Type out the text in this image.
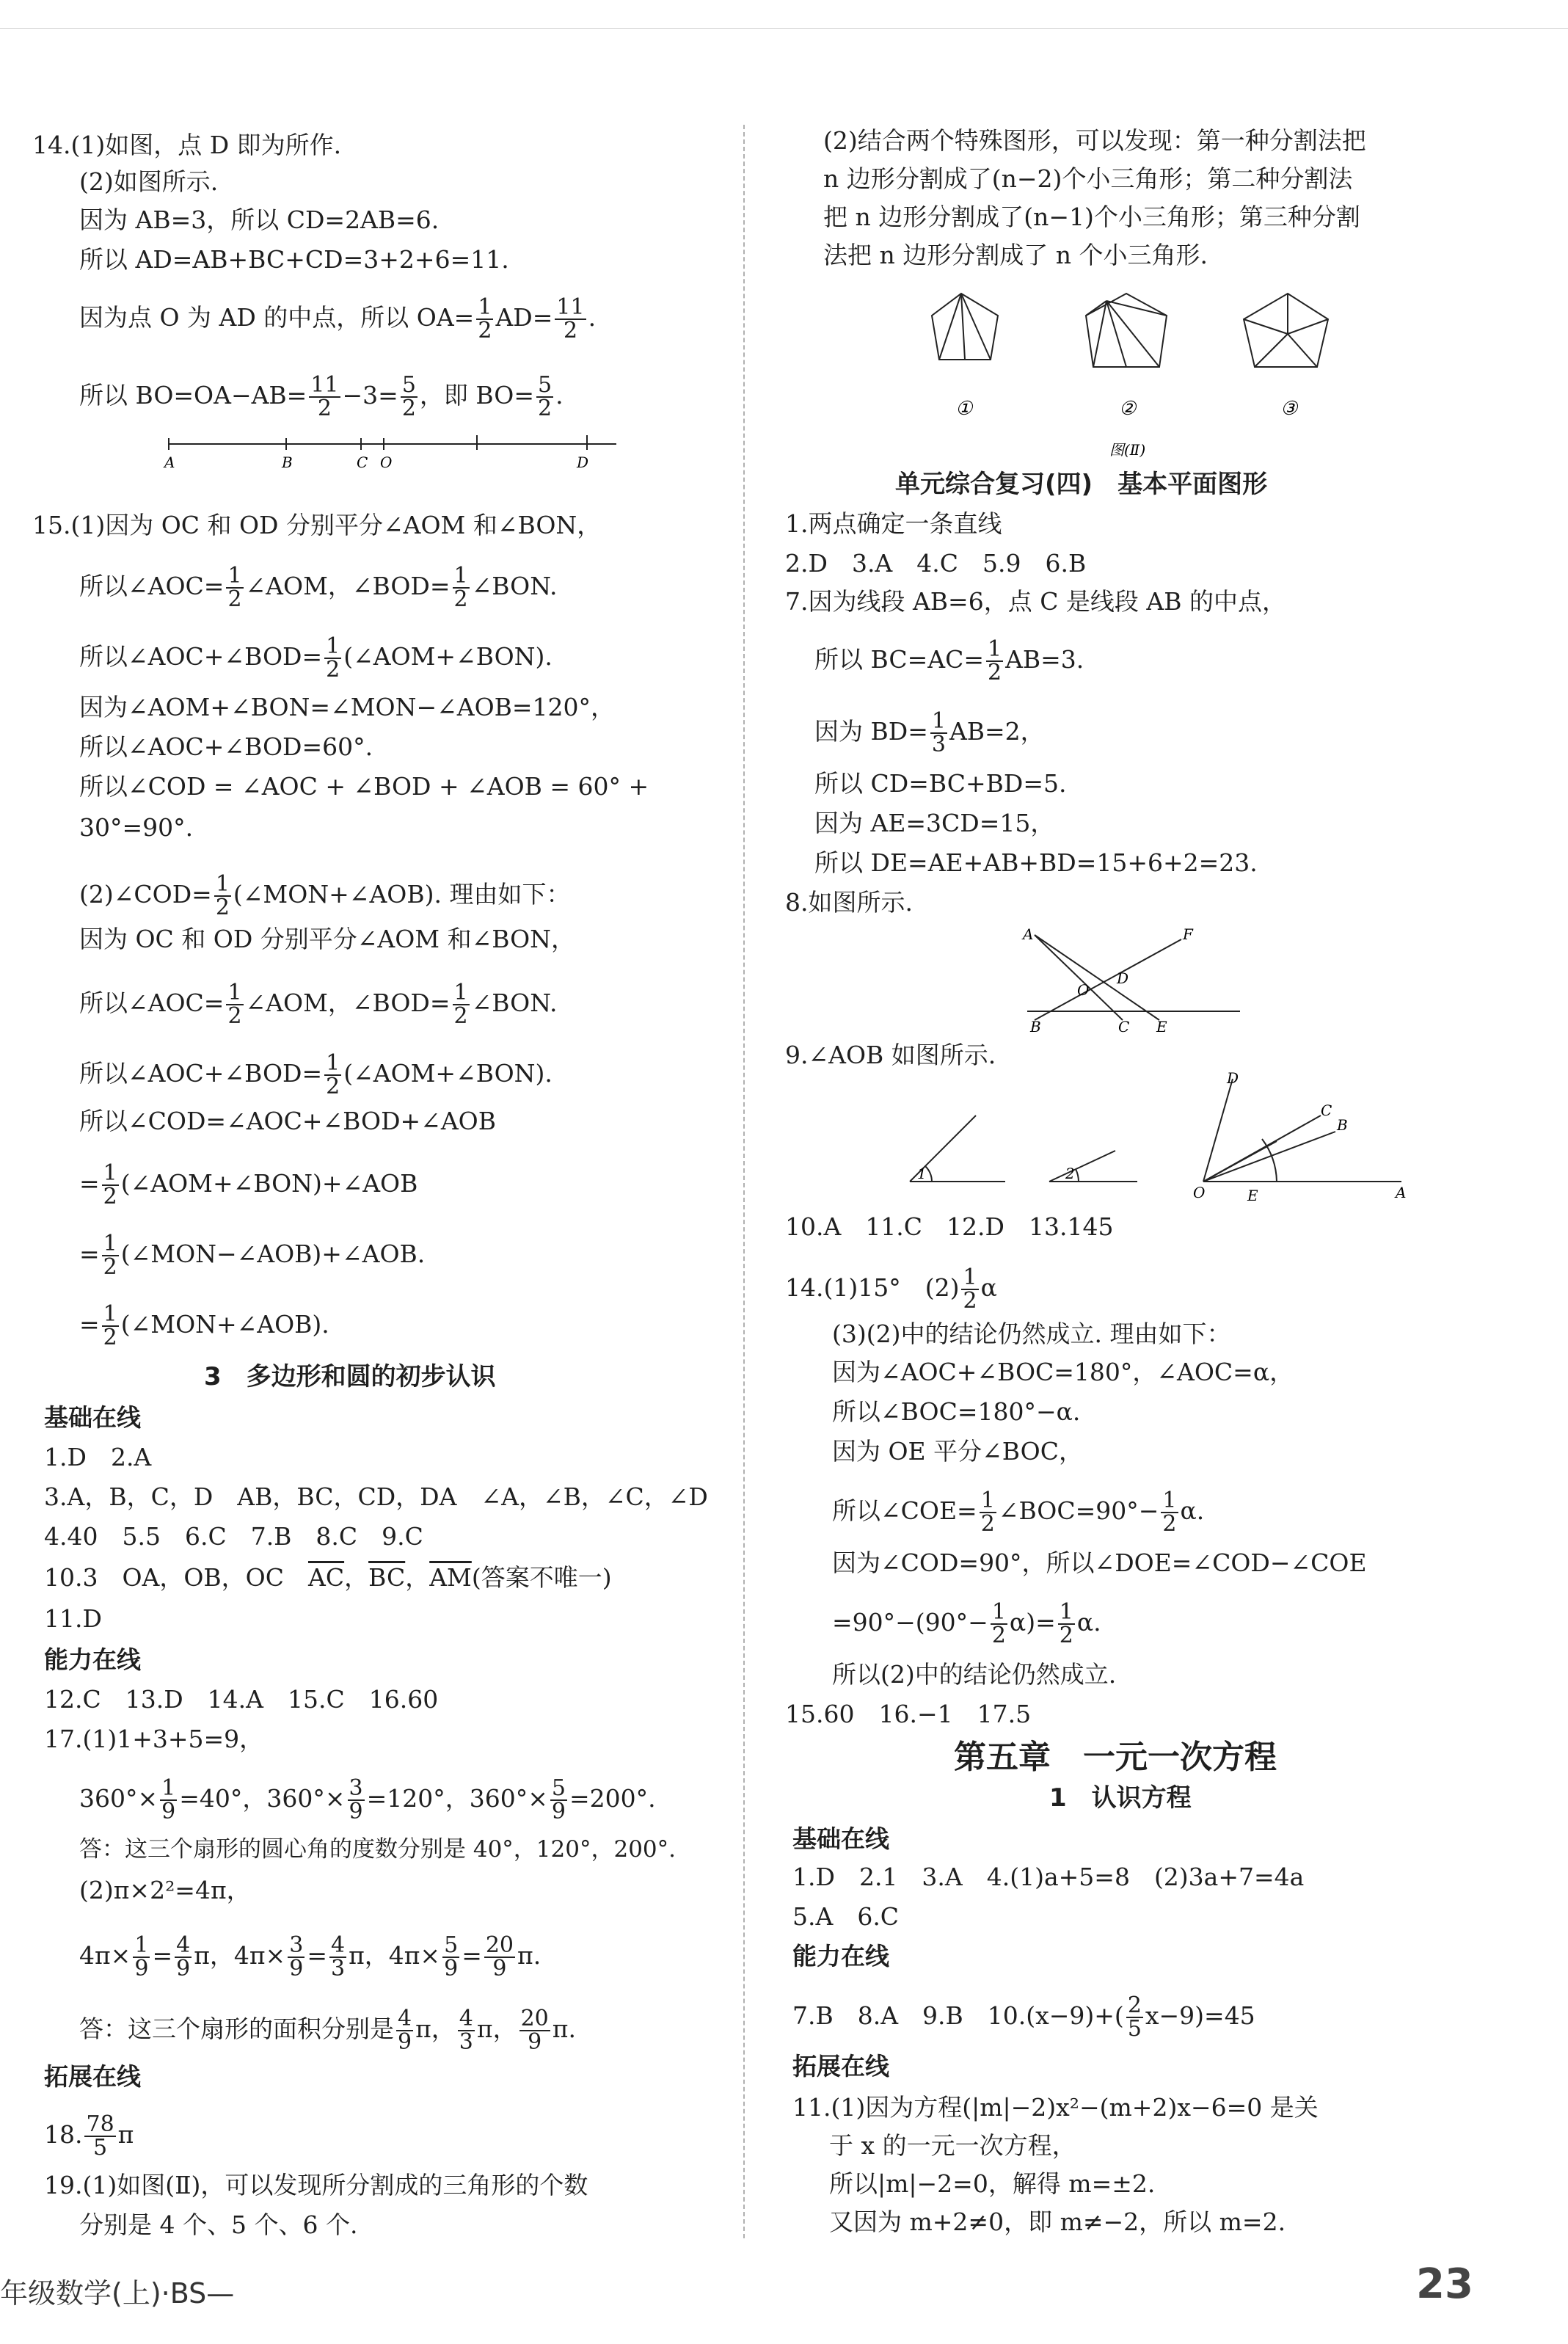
14.(1)如图，点 D 即为所作.
(2)如图所示.
因为 AB=3，所以 CD=2AB=6.
所以 AD=AB+BC+CD=3+2+6=11.
因为点 O 为 AD 的中点，所以 $OA= \frac{1}{2} AD= \frac{11}{2}$ .
所以 $BO=OA-AB= \frac{11}{2} -3= \frac{5}{2}$ ，即 $BO= \frac{5}{2}$ .
A	B	C O	D
15.(1)因为 OC 和 OD 分别平分∠AOM 和∠BON，
所以∠AOC= $\frac{1}{2}$ ∠AOM，∠BOD= $\frac{1}{2}$ ∠BON.
所以∠AOC+∠BOD= $\frac{1}{2}$ (∠AOM+∠BON).
因为∠AOM+∠BON=∠MON−∠AOB=120°，
所以∠AOC+∠BOD=60°.
所以∠COD = ∠AOC + ∠BOD + ∠AOB = 60° +
30°=90°.
(2)∠COD= $\frac{1}{2}$ (∠MON+∠AOB). 理由如下：
因为 OC 和 OD 分别平分∠AOM 和∠BON，
所以∠AOC= $\frac{1}{2}$ ∠AOM，∠BOD= $\frac{1}{2}$ ∠BON.
所以∠AOC+∠BOD= $\frac{1}{2}$ (∠AOM+∠BON).
所以∠COD=∠AOC+∠BOD+∠AOB
= $\frac{1}{2}$ (∠AOM+∠BON)+∠AOB
= $\frac{1}{2}$ (∠MON−∠AOB)+∠AOB.
= $\frac{1}{2}$ (∠MON+∠AOB).
3　多边形和圆的初步认识
基础在线
1.D　2.A
3.A，B，C，D　AB，BC，CD，DA　∠A，∠B，∠C，∠D
4.40　5.5　6.C　7.B　8.C　9.C
10.3　OA，OB，OC　$\overline{AC}$，$\overline{BC}$，$\overline{AM}$(答案不唯一)
11.D
能力在线
12.C　13.D　14.A　15.C　16.60
17.(1)1+3+5=9，
$360^\circ\times \frac{1}{9} =40^\circ$，$360^\circ\times \frac{3}{9} =120^\circ$，$360^\circ\times \frac{5}{9} =200^\circ$.
答：这三个扇形的圆心角的度数分别是 40°，120°，200°.
(2)π×2²=4π，
$4\pi\times \frac{1}{9} = \frac{4}{9}$ π，$4\pi\times \frac{3}{9} = \frac{4}{3}$ π，$4\pi\times \frac{5}{9} = \frac{20}{9} \pi$.
答：这三个扇形的面积分别是 $\frac{4}{9}$ π， $\frac{4}{3}$ π， $\frac{20}{9} \pi$.
拓展在线
18. $\frac{78}{5}$ π
19.(1)如图(Ⅱ)，可以发现所分割成的三角形的个数
分别是 4 个、5 个、6 个.
年级数学(上)·BS—
(2)结合两个特殊图形，可以发现：第一种分割法把
n 边形分割成了(n−2)个小三角形；第二种分割法
把 n 边形分割成了(n−1)个小三角形；第三种分割
法把 n 边形分割成了 n 个小三角形.
①	②	③
图(Ⅱ)
单元综合复习(四)　基本平面图形
1.两点确定一条直线
2.D　3.A　4.C　5.9　6.B
7.因为线段 AB=6，点 C 是线段 AB 的中点，
所以 $BC=AC= \frac{1}{2} AB=3$.
因为 $BD= \frac{1}{3} AB=2$，
所以 CD=BC+BD=5.
因为 AE=3CD=15，
所以 DE=AE+AB+BD=15+6+2=23.
8.如图所示.
A	F
O
D
B	C E
9.∠AOB 如图所示.
1	2
D
C
B
O	E	A
10.A　11.C　12.D　13.145
14.(1)15°　$(2) \frac{1}{2}$ α
(3)(2)中的结论仍然成立. 理由如下：
因为∠AOC+∠BOC=180°，∠AOC=α，
所以∠BOC=180°−α.
因为 OE 平分∠BOC，
所以∠COE= $\frac{1}{2}$ ∠BOC=90°− $\frac{1}{2} \alpha$.
因为∠COD=90°，所以∠DOE=∠COD−∠COE
$=90^\circ-(90^\circ- \frac{1}{2} \alpha)= \frac{1}{2} \alpha$.
所以(2)中的结论仍然成立.
15.60　16.−1　17.5
第五章　一元一次方程
1　认识方程
基础在线
1.D　2.1　3.A　4.(1)a+5=8　(2)3a+7=4a
5.A　6.C
能力在线
7.B　8.A　9.B　$10.(x-9)+( \frac{2}{5} x-9)=45$
拓展在线
11.(1)因为方程(|m|−2)x²−(m+2)x−6=0 是关
于 x 的一元一次方程，
所以|m|−2=0，解得 m=±2.
又因为 m+2≠0，即 m≠−2，所以 m=2.
23
